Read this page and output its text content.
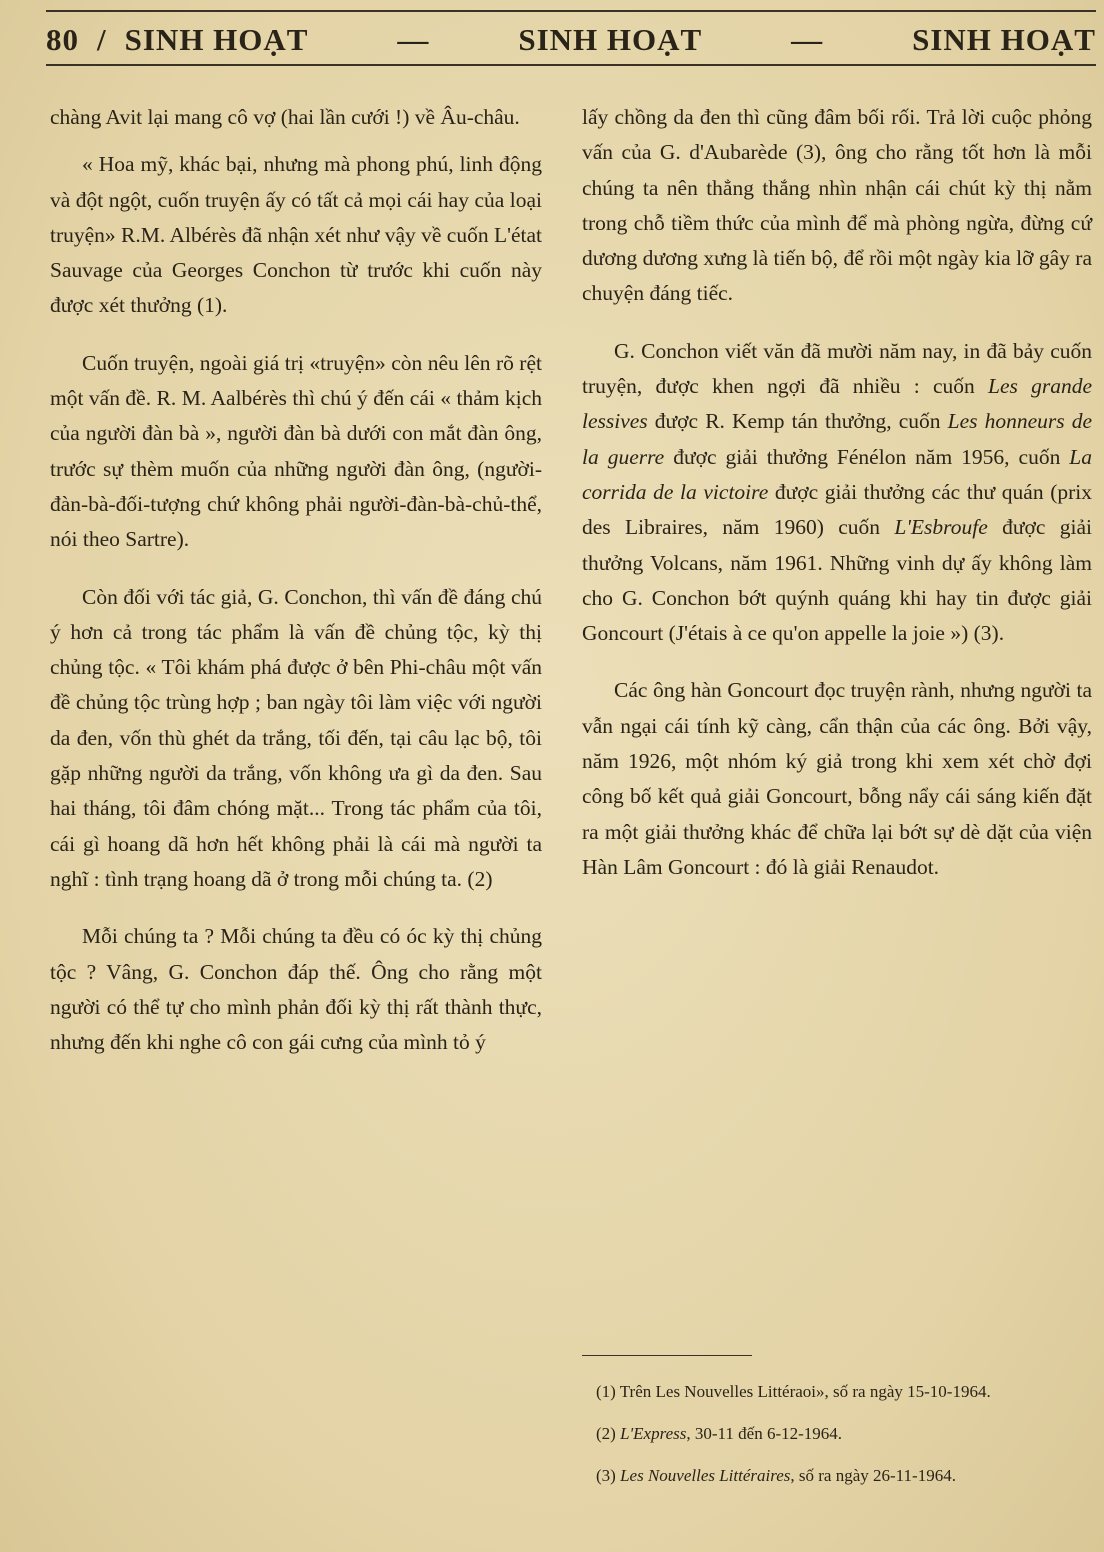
80 / SINH HOẠT	—	SINH HOẠT	—	SINH HOẠT

chàng Avit lại mang cô vợ (hai lần cưới !) về Âu-châu.

« Hoa mỹ, khác bại, nhưng mà phong phú, linh động và đột ngột, cuốn truyện ấy có tất cả mọi cái hay của loại truyện» R.M. Albérès đã nhận xét như vậy về cuốn L'état Sauvage của Georges Conchon từ trước khi cuốn này được xét thưởng (1).

Cuốn truyện, ngoài giá trị «truyện» còn nêu lên rõ rệt một vấn đề. R. M. Aalbérès thì chú ý đến cái « thảm kịch của người đàn bà », người đàn bà dưới con mắt đàn ông, trước sự thèm muốn của những người đàn ông, (người-đàn-bà-đối-tượng chứ không phải người-đàn-bà-chủ-thể, nói theo Sartre).

Còn đối với tác giả, G. Conchon, thì vấn đề đáng chú ý hơn cả trong tác phẩm là vấn đề chủng tộc, kỳ thị chủng tộc. « Tôi khám phá được ở bên Phi-châu một vấn đề chủng tộc trùng hợp ; ban ngày tôi làm việc với người da đen, vốn thù ghét da trắng, tối đến, tại câu lạc bộ, tôi gặp những người da trắng, vốn không ưa gì da đen. Sau hai tháng, tôi đâm chóng mặt... Trong tác phẩm của tôi, cái gì hoang dã hơn hết không phải là cái mà người ta nghĩ : tình trạng hoang dã ở trong mỗi chúng ta. (2)

Mỗi chúng ta ? Mỗi chúng ta đều có óc kỳ thị chủng tộc ? Vâng, G. Conchon đáp thế. Ông cho rằng một người có thể tự cho mình phản đối kỳ thị rất thành thực, nhưng đến khi nghe cô con gái cưng của mình tỏ ý

lấy chồng da đen thì cũng đâm bối rối. Trả lời cuộc phỏng vấn của G. d'Aubarède (3), ông cho rằng tốt hơn là mỗi chúng ta nên thẳng thắng nhìn nhận cái chút kỳ thị nằm trong chỗ tiềm thức của mình để mà phòng ngừa, đừng cứ dương dương xưng là tiến bộ, để rồi một ngày kia lỡ gây ra chuyện đáng tiếc.

G. Conchon viết văn đã mười năm nay, in đã bảy cuốn truyện, được khen ngợi đã nhiều : cuốn Les grande lessives được R. Kemp tán thưởng, cuốn Les honneurs de la guerre được giải thưởng Fénélon năm 1956, cuốn La corrida de la victoire được giải thưởng các thư quán (prix des Libraires, năm 1960) cuốn L'Esbroufe được giải thưởng Volcans, năm 1961. Những vinh dự ấy không làm cho G. Conchon bớt quýnh quáng khi hay tin được giải Goncourt (J'étais à ce qu'on appelle la joie ») (3).

Các ông hàn Goncourt đọc truyện rành, nhưng người ta vẫn ngại cái tính kỹ càng, cẩn thận của các ông. Bởi vậy, năm 1926, một nhóm ký giả trong khi xem xét chờ đợi công bố kết quả giải Goncourt, bỗng nẩy cái sáng kiến đặt ra một giải thưởng khác để chữa lại bớt sự dè dặt của viện Hàn Lâm Goncourt : đó là giải Renaudot.

(1) Trên Les Nouvelles Littéraoi», số ra ngày 15-10-1964.

(2) L'Express, 30-11 đến 6-12-1964.

(3) Les Nouvelles Littéraires, số ra ngày 26-11-1964.
